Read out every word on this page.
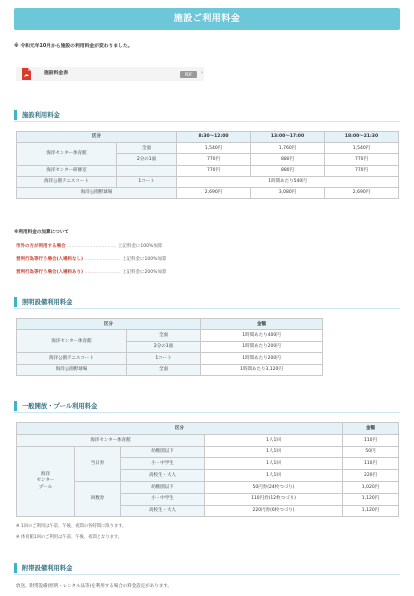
施設ご利用料金
※ 令和元年10月から施設の利用料金が変わりました。
施設料金表	PDF	›
施設利用料金
区分		8:30～12:00	13:00～17:00	18:00～21:30
海洋センター体育館	全面	1,540円	1,760円	1,540円
	2分の1面	770円	880円	770円
海洋センター研修室		770円	880円	770円
海洋公園テニスコート	1コート	1時間あたり540円		
海洋公園野球場		2,690円	3,080円	2,690円
※利用料金の加算について
市外の方が利用する場合 …………………………… 上記料金に100%加算
営利行為等行う場合(入場料なし) …………………… 上記料金に100%加算
営利行為等行う場合(入場料あり) …………………… 上記料金に200%加算
照明設備利用料金
区分		金額
海洋センター体育館	全面	1時間あたり400円
	2分の1面	1時間あたり200円
海洋公園テニスコート	1コート	1時間あたり200円
海洋公園野球場	全面	1時間あたり3,120円
一般開放・プール利用料金
区分				金額
海洋センター体育館			1人1回	110円
海洋
センター
プール	当日券	幼稚園以下	1人1回	50円
		小・中学生	1人1回	110円
		高校生・大人	1人1回	220円
	回数券	幼稚園以下	50円券(24枚つづり)	1,020円
		小・中学生	110円券(12枚つづり)	1,120円
		高校生・大人	220円券(6枚つづり)	1,120円
※ 1回のご利用は午前、午後、夜間の各時間に限ります。
※ 体育館1回のご利用は午前、午後、夜間となります。
附帯設備利用料金
放送、附帯設備(照明・レンタル品等)を利用する場合の料金設定があります。
